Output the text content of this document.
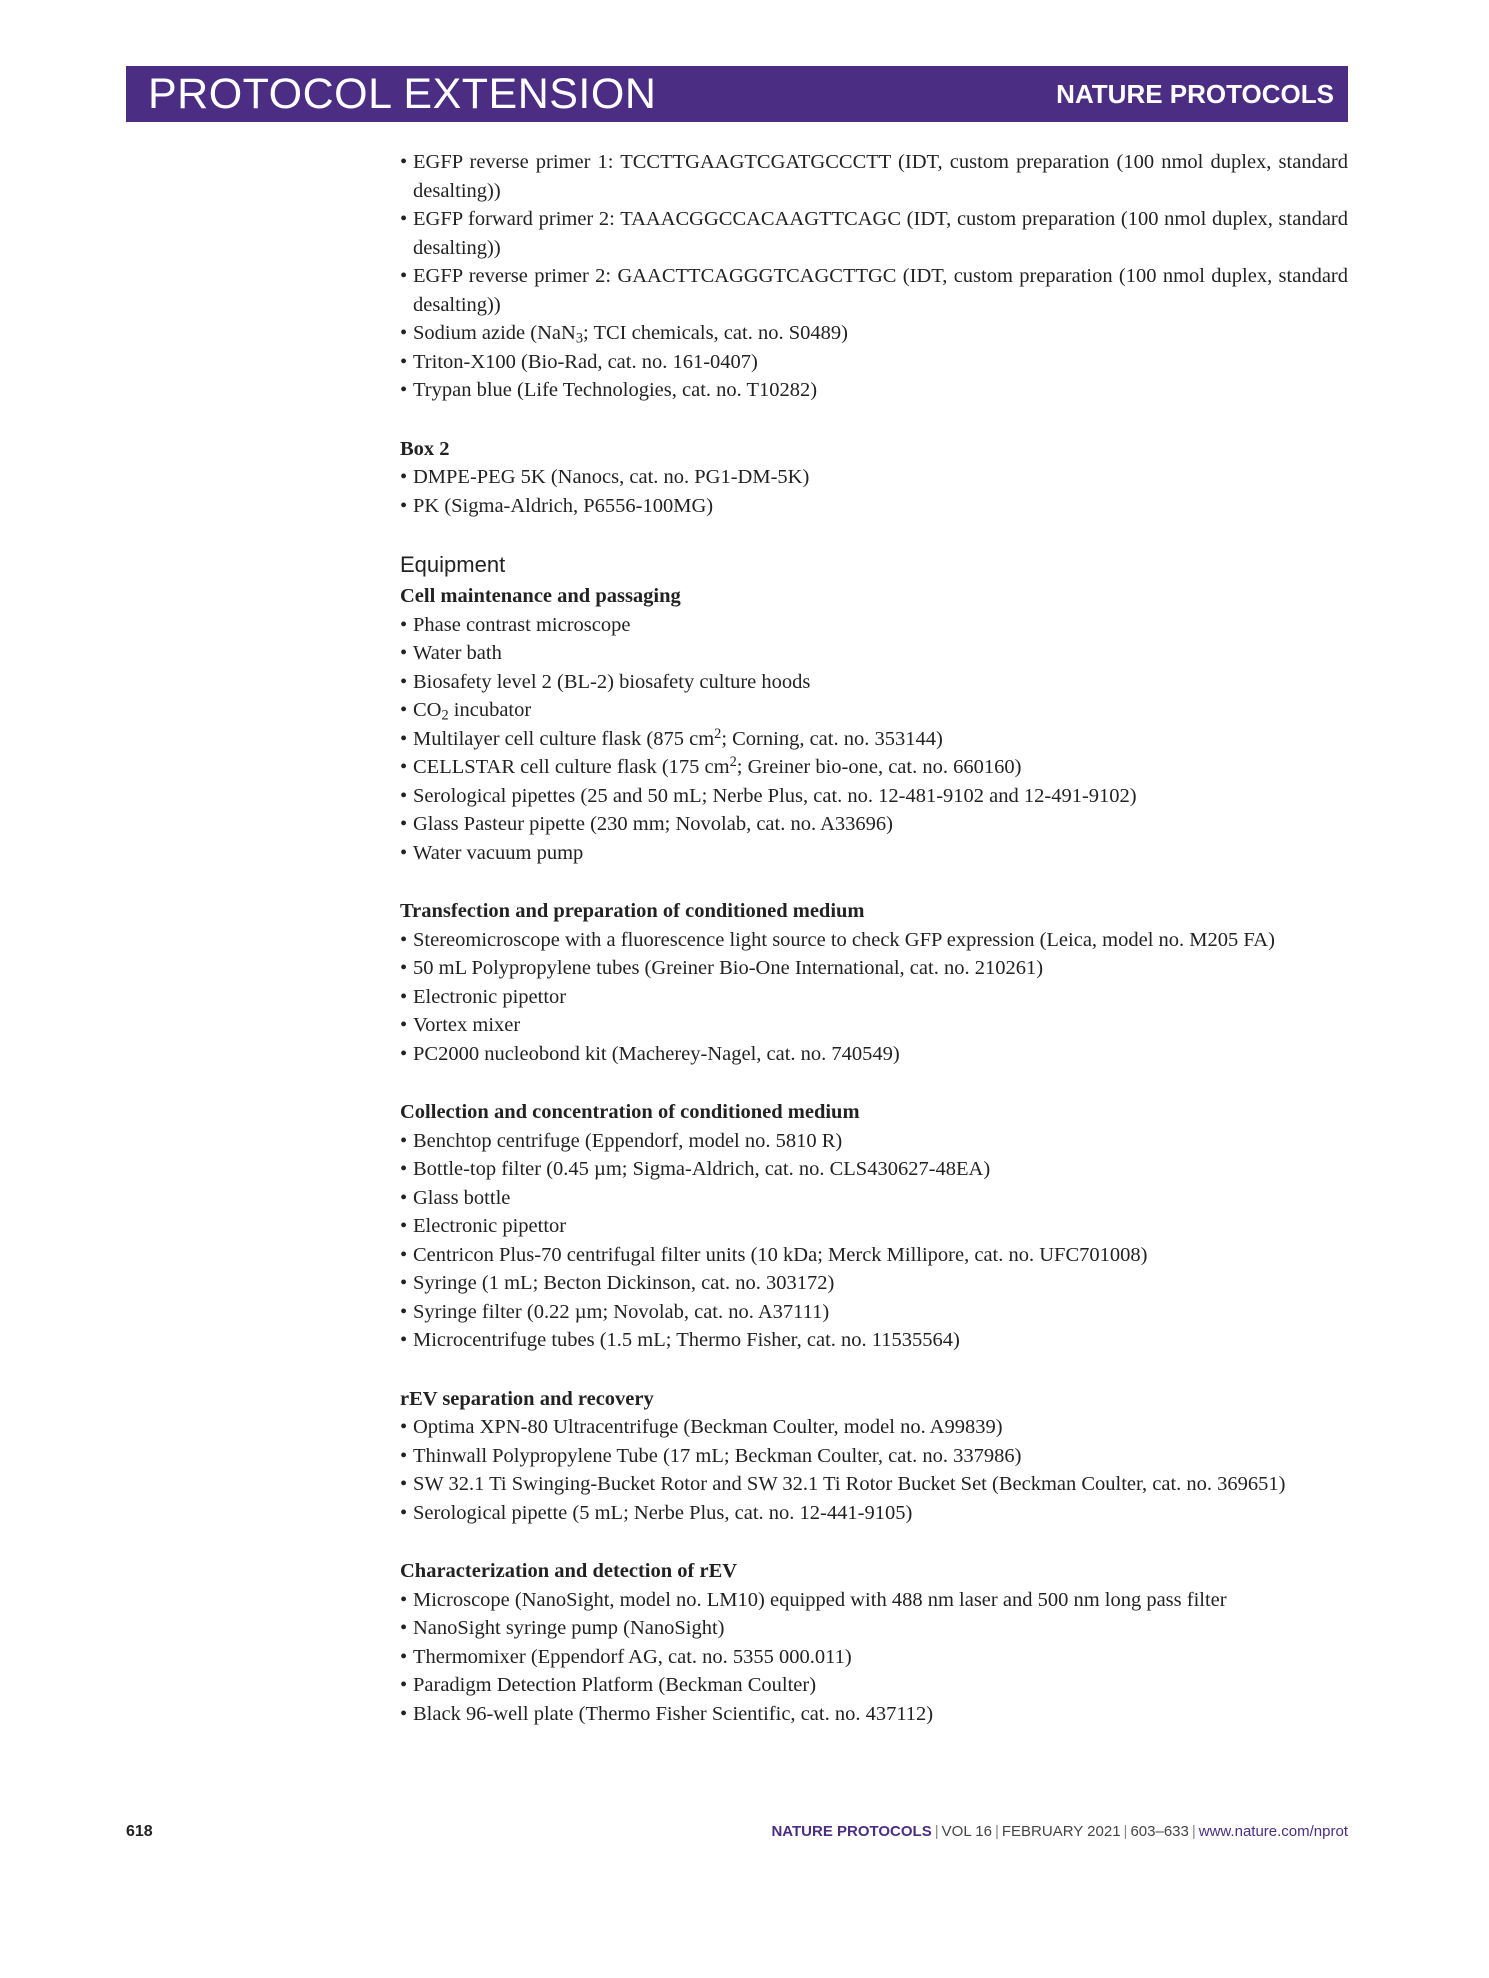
PROTOCOL EXTENSION	NATURE PROTOCOLS
• EGFP reverse primer 1: TCCTTGAAGTCGATGCCCTT (IDT, custom preparation (100 nmol duplex, standard desalting))
• EGFP forward primer 2: TAAACGGCCACAAGTTCAGC (IDT, custom preparation (100 nmol duplex, standard desalting))
• EGFP reverse primer 2: GAACTTCAGGGTCAGCTTGC (IDT, custom preparation (100 nmol duplex, standard desalting))
• Sodium azide (NaN$_3$; TCI chemicals, cat. no. S0489)
• Triton-X100 (Bio-Rad, cat. no. 161-0407)
• Trypan blue (Life Technologies, cat. no. T10282)
Box 2
• DMPE-PEG 5K (Nanocs, cat. no. PG1-DM-5K)
• PK (Sigma-Aldrich, P6556-100MG)
Equipment
Cell maintenance and passaging
• Phase contrast microscope
• Water bath
• Biosafety level 2 (BL-2) biosafety culture hoods
• $CO_2$ incubator
• Multilayer cell culture flask (875 $cm^2$; Corning, cat. no. 353144)
• CELLSTAR cell culture flask (175 $cm^2$; Greiner bio-one, cat. no. 660160)
• Serological pipettes (25 and 50 mL; Nerbe Plus, cat. no. 12-481-9102 and 12-491-9102)
• Glass Pasteur pipette (230 mm; Novolab, cat. no. A33696)
• Water vacuum pump
Transfection and preparation of conditioned medium
• Stereomicroscope with a fluorescence light source to check GFP expression (Leica, model no. M205 FA)
• 50 mL Polypropylene tubes (Greiner Bio-One International, cat. no. 210261)
• Electronic pipettor
• Vortex mixer
• PC2000 nucleobond kit (Macherey-Nagel, cat. no. 740549)
Collection and concentration of conditioned medium
• Benchtop centrifuge (Eppendorf, model no. 5810 R)
• Bottle-top filter (0.45 µm; Sigma-Aldrich, cat. no. CLS430627-48EA)
• Glass bottle
• Electronic pipettor
• Centricon Plus-70 centrifugal filter units (10 kDa; Merck Millipore, cat. no. UFC701008)
• Syringe (1 mL; Becton Dickinson, cat. no. 303172)
• Syringe filter (0.22 µm; Novolab, cat. no. A37111)
• Microcentrifuge tubes (1.5 mL; Thermo Fisher, cat. no. 11535564)
rEV separation and recovery
• Optima XPN-80 Ultracentrifuge (Beckman Coulter, model no. A99839)
• Thinwall Polypropylene Tube (17 mL; Beckman Coulter, cat. no. 337986)
• SW 32.1 Ti Swinging-Bucket Rotor and SW 32.1 Ti Rotor Bucket Set (Beckman Coulter, cat. no. 369651)
• Serological pipette (5 mL; Nerbe Plus, cat. no. 12-441-9105)
Characterization and detection of rEV
• Microscope (NanoSight, model no. LM10) equipped with 488 nm laser and 500 nm long pass filter
• NanoSight syringe pump (NanoSight)
• Thermomixer (Eppendorf AG, cat. no. 5355 000.011)
• Paradigm Detection Platform (Beckman Coulter)
• Black 96-well plate (Thermo Fisher Scientific, cat. no. 437112)
618	NATURE PROTOCOLS | VOL 16 | FEBRUARY 2021 | 603–633 | www.nature.com/nprot
